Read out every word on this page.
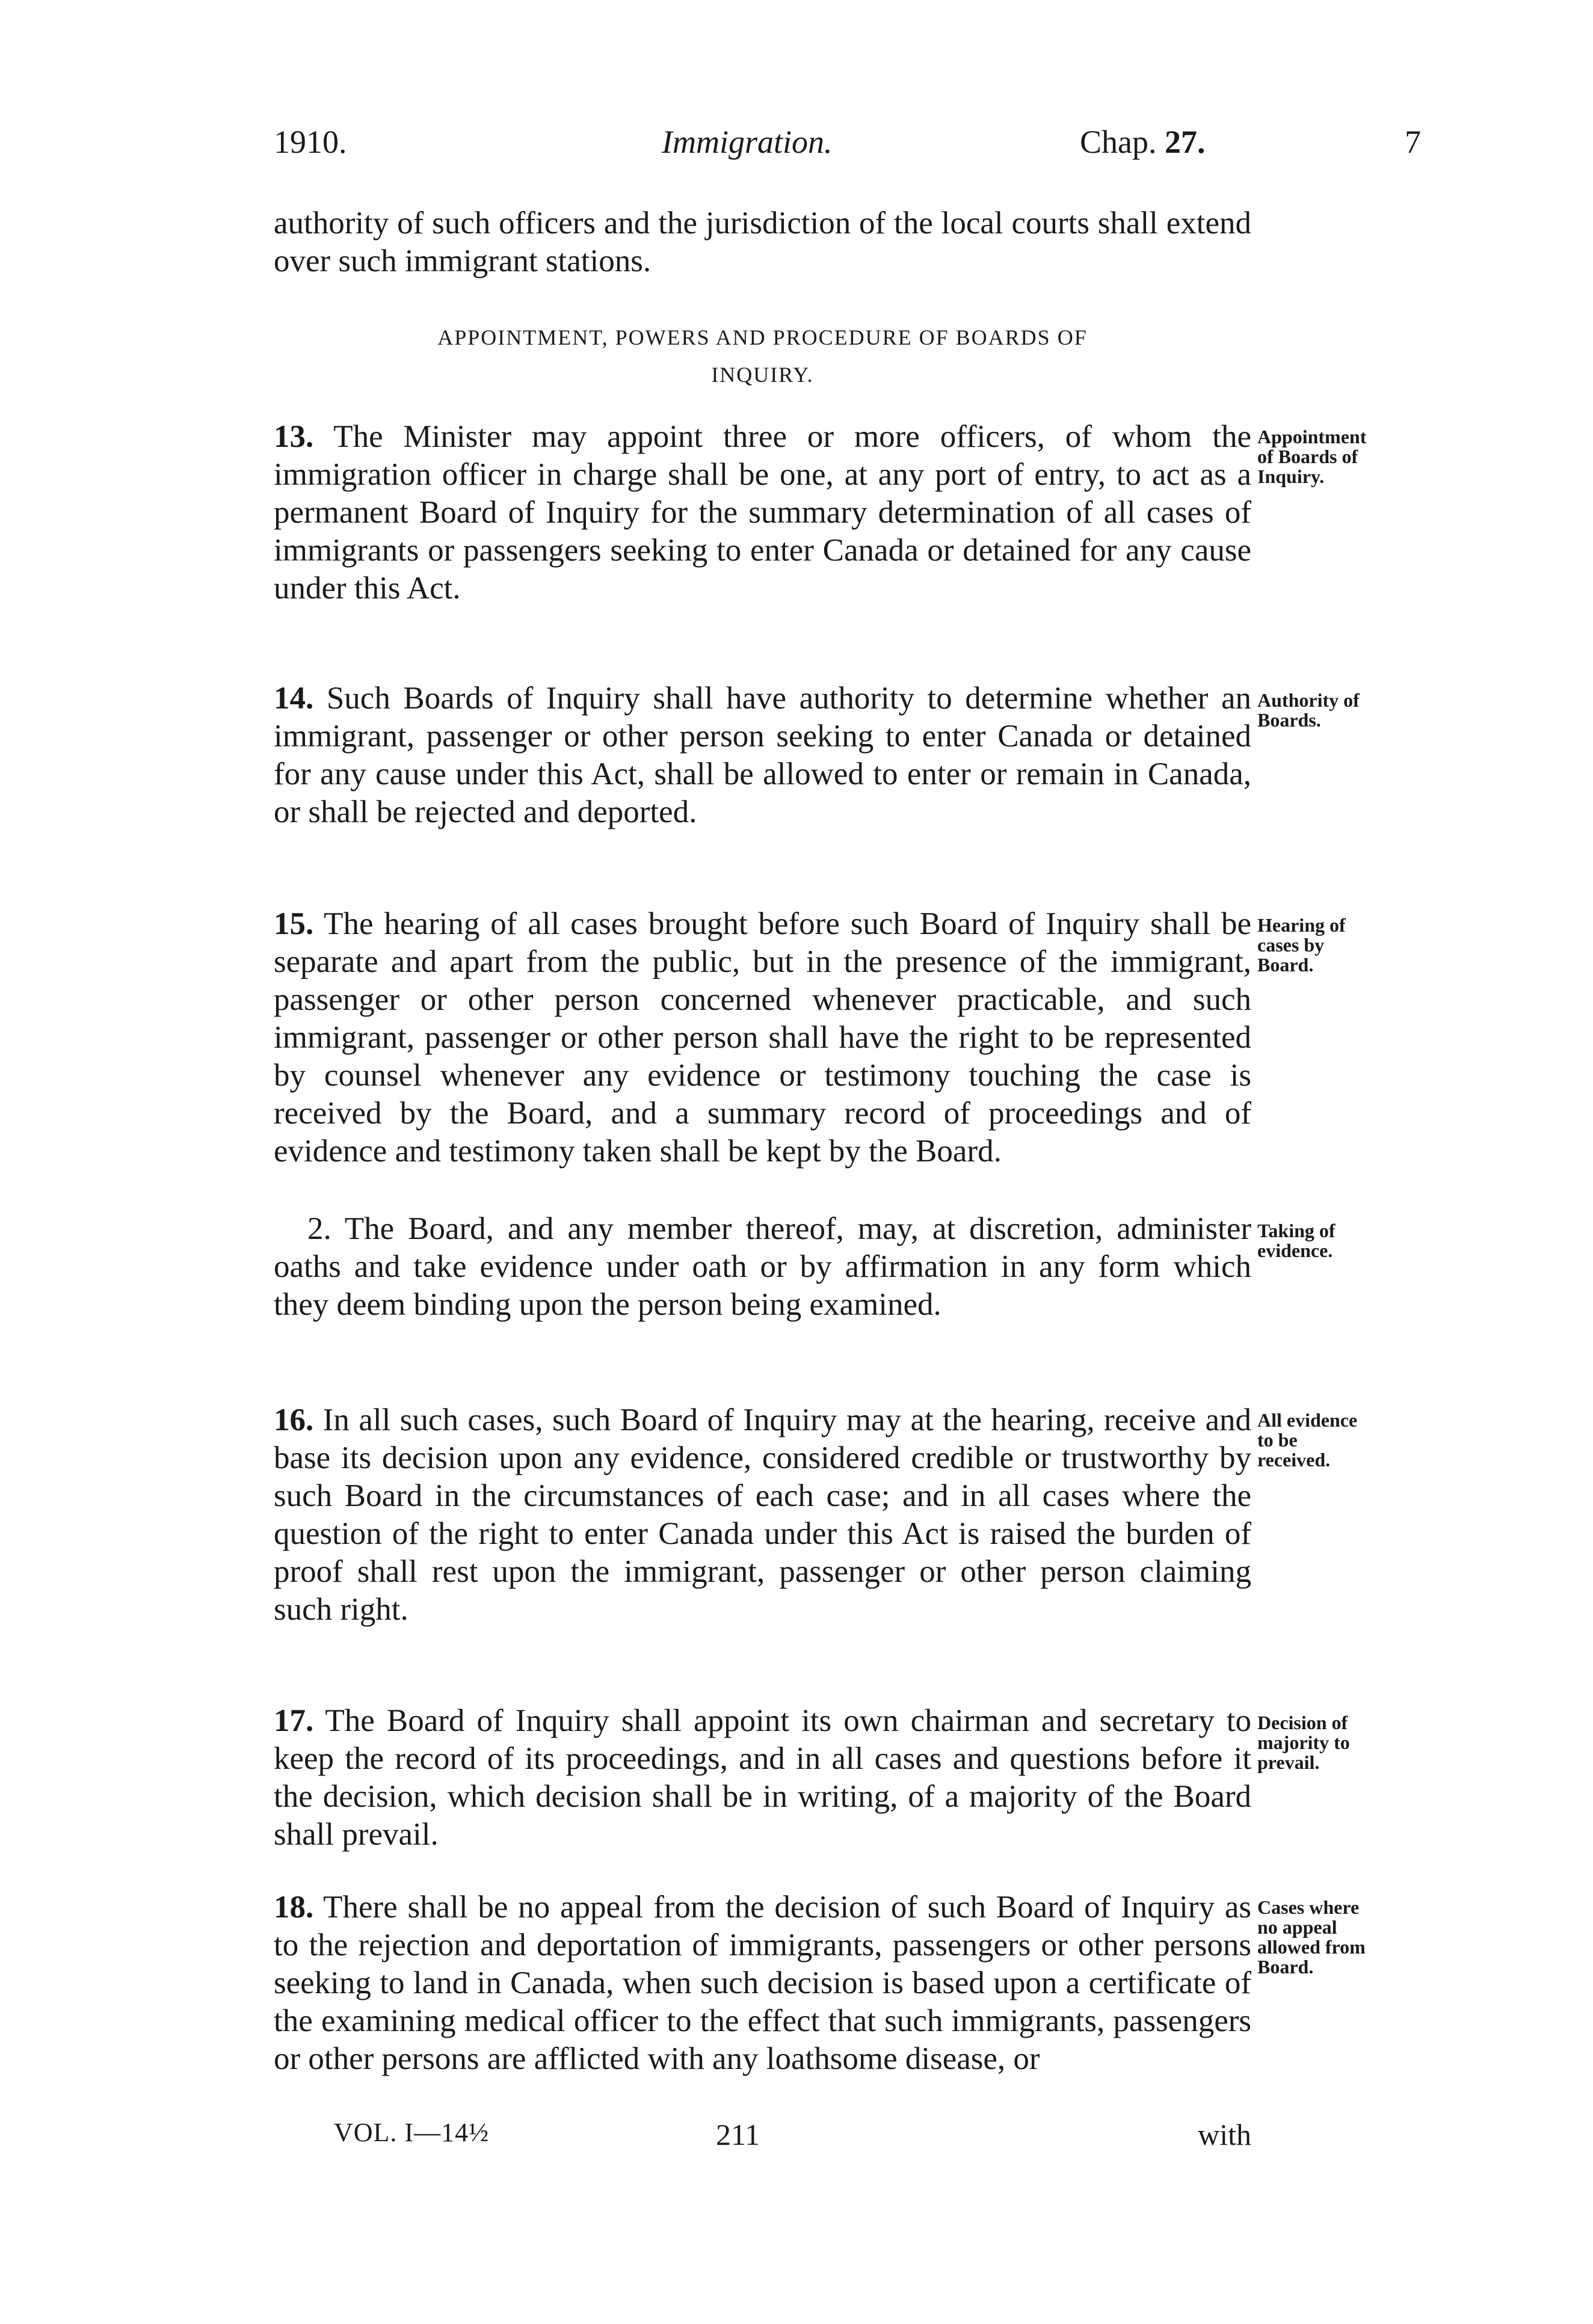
1910.	Immigration.	Chap. 27.	7
authority of such officers and the jurisdiction of the local courts shall extend over such immigrant stations.
APPOINTMENT, POWERS AND PROCEDURE OF BOARDS OF
INQUIRY.
13. The Minister may appoint three or more officers, of whom the immigration officer in charge shall be one, at any port of entry, to act as a permanent Board of Inquiry for the summary determination of all cases of immigrants or passengers seeking to enter Canada or detained for any cause under this Act.
14. Such Boards of Inquiry shall have authority to determine whether an immigrant, passenger or other person seeking to enter Canada or detained for any cause under this Act, shall be allowed to enter or remain in Canada, or shall be rejected and deported.
15. The hearing of all cases brought before such Board of Inquiry shall be separate and apart from the public, but in the presence of the immigrant, passenger or other person concerned whenever practicable, and such immigrant, passenger or other person shall have the right to be represented by counsel whenever any evidence or testimony touching the case is received by the Board, and a summary record of proceedings and of evidence and testimony taken shall be kept by the Board.
2. The Board, and any member thereof, may, at discretion, administer oaths and take evidence under oath or by affirmation in any form which they deem binding upon the person being examined.
16. In all such cases, such Board of Inquiry may at the hearing, receive and base its decision upon any evidence, considered credible or trustworthy by such Board in the circumstances of each case; and in all cases where the question of the right to enter Canada under this Act is raised the burden of proof shall rest upon the immigrant, passenger or other person claiming such right.
17. The Board of Inquiry shall appoint its own chairman and secretary to keep the record of its proceedings, and in all cases and questions before it the decision, which decision shall be in writing, of a majority of the Board shall prevail.
18. There shall be no appeal from the decision of such Board of Inquiry as to the rejection and deportation of immigrants, passengers or other persons seeking to land in Canada, when such decision is based upon a certificate of the examining medical officer to the effect that such immigrants, passengers or other persons are afflicted with any loathsome disease, or
Appointment
of Boards of
Inquiry.
Authority of
Boards.
Hearing of
cases by
Board.
Taking of
evidence.
All evidence
to be
received.
Decision of
majority to
prevail.
Cases where
no appeal
allowed from
Board.
VOL. I—14½	211	with
